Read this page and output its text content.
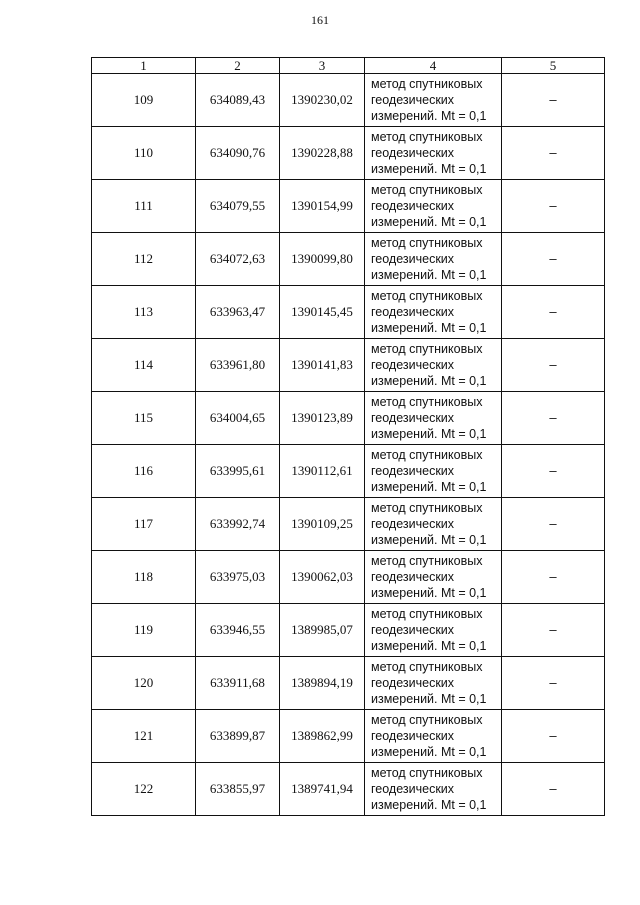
161
1	2	3	4	5
109	634089,43	1390230,02	метод спутниковых
геодезических
измерений. Mt = 0,1	–
110	634090,76	1390228,88	метод спутниковых
геодезических
измерений. Mt = 0,1	–
111	634079,55	1390154,99	метод спутниковых
геодезических
измерений. Mt = 0,1	–
112	634072,63	1390099,80	метод спутниковых
геодезических
измерений. Mt = 0,1	–
113	633963,47	1390145,45	метод спутниковых
геодезических
измерений. Mt = 0,1	–
114	633961,80	1390141,83	метод спутниковых
геодезических
измерений. Mt = 0,1	–
115	634004,65	1390123,89	метод спутниковых
геодезических
измерений. Mt = 0,1	–
116	633995,61	1390112,61	метод спутниковых
геодезических
измерений. Mt = 0,1	–
117	633992,74	1390109,25	метод спутниковых
геодезических
измерений. Mt = 0,1	–
118	633975,03	1390062,03	метод спутниковых
геодезических
измерений. Mt = 0,1	–
119	633946,55	1389985,07	метод спутниковых
геодезических
измерений. Mt = 0,1	–
120	633911,68	1389894,19	метод спутниковых
геодезических
измерений. Mt = 0,1	–
121	633899,87	1389862,99	метод спутниковых
геодезических
измерений. Mt = 0,1	–
122	633855,97	1389741,94	метод спутниковых
геодезических
измерений. Mt = 0,1	–
